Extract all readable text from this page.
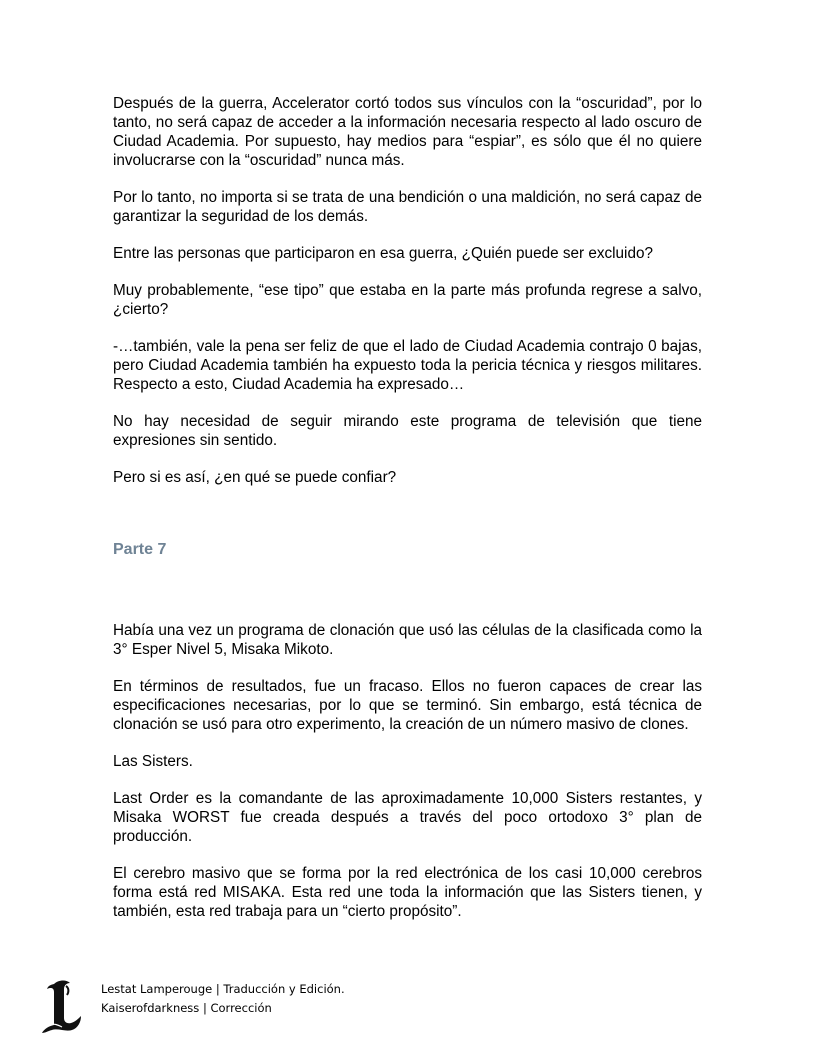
Después de la guerra, Accelerator cortó todos sus vínculos con la “oscuridad”, por lo tanto, no será capaz de acceder a la información necesaria respecto al lado oscuro de Ciudad Academia. Por supuesto, hay medios para “espiar”, es sólo que él no quiere involucrarse con la “oscuridad” nunca más.

Por lo tanto, no importa si se trata de una bendición o una maldición, no será capaz de garantizar la seguridad de los demás.

Entre las personas que participaron en esa guerra, ¿Quién puede ser excluido?

Muy probablemente, “ese tipo” que estaba en la parte más profunda regrese a salvo, ¿cierto?

-…también, vale la pena ser feliz de que el lado de Ciudad Academia contrajo 0 bajas, pero Ciudad Academia también ha expuesto toda la pericia técnica y riesgos militares. Respecto a esto, Ciudad Academia ha expresado…

No hay necesidad de seguir mirando este programa de televisión que tiene expresiones sin sentido.

Pero si es así, ¿en qué se puede confiar?

Parte 7

Había una vez un programa de clonación que usó las células de la clasificada como la 3° Esper Nivel 5, Misaka Mikoto.

En términos de resultados, fue un fracaso. Ellos no fueron capaces de crear las especificaciones necesarias, por lo que se terminó. Sin embargo, está técnica de clonación se usó para otro experimento, la creación de un número masivo de clones.

Las Sisters.

Last Order es la comandante de las aproximadamente 10,000 Sisters restantes, y Misaka WORST fue creada después a través del poco ortodoxo 3° plan de producción.

El cerebro masivo que se forma por la red electrónica de los casi 10,000 cerebros forma está red MISAKA. Esta red une toda la información que las Sisters tienen, y también, esta red trabaja para un “cierto propósito”.

Lestat Lamperouge | Traducción y Edición.
Kaiserofdarkness | Corrección
